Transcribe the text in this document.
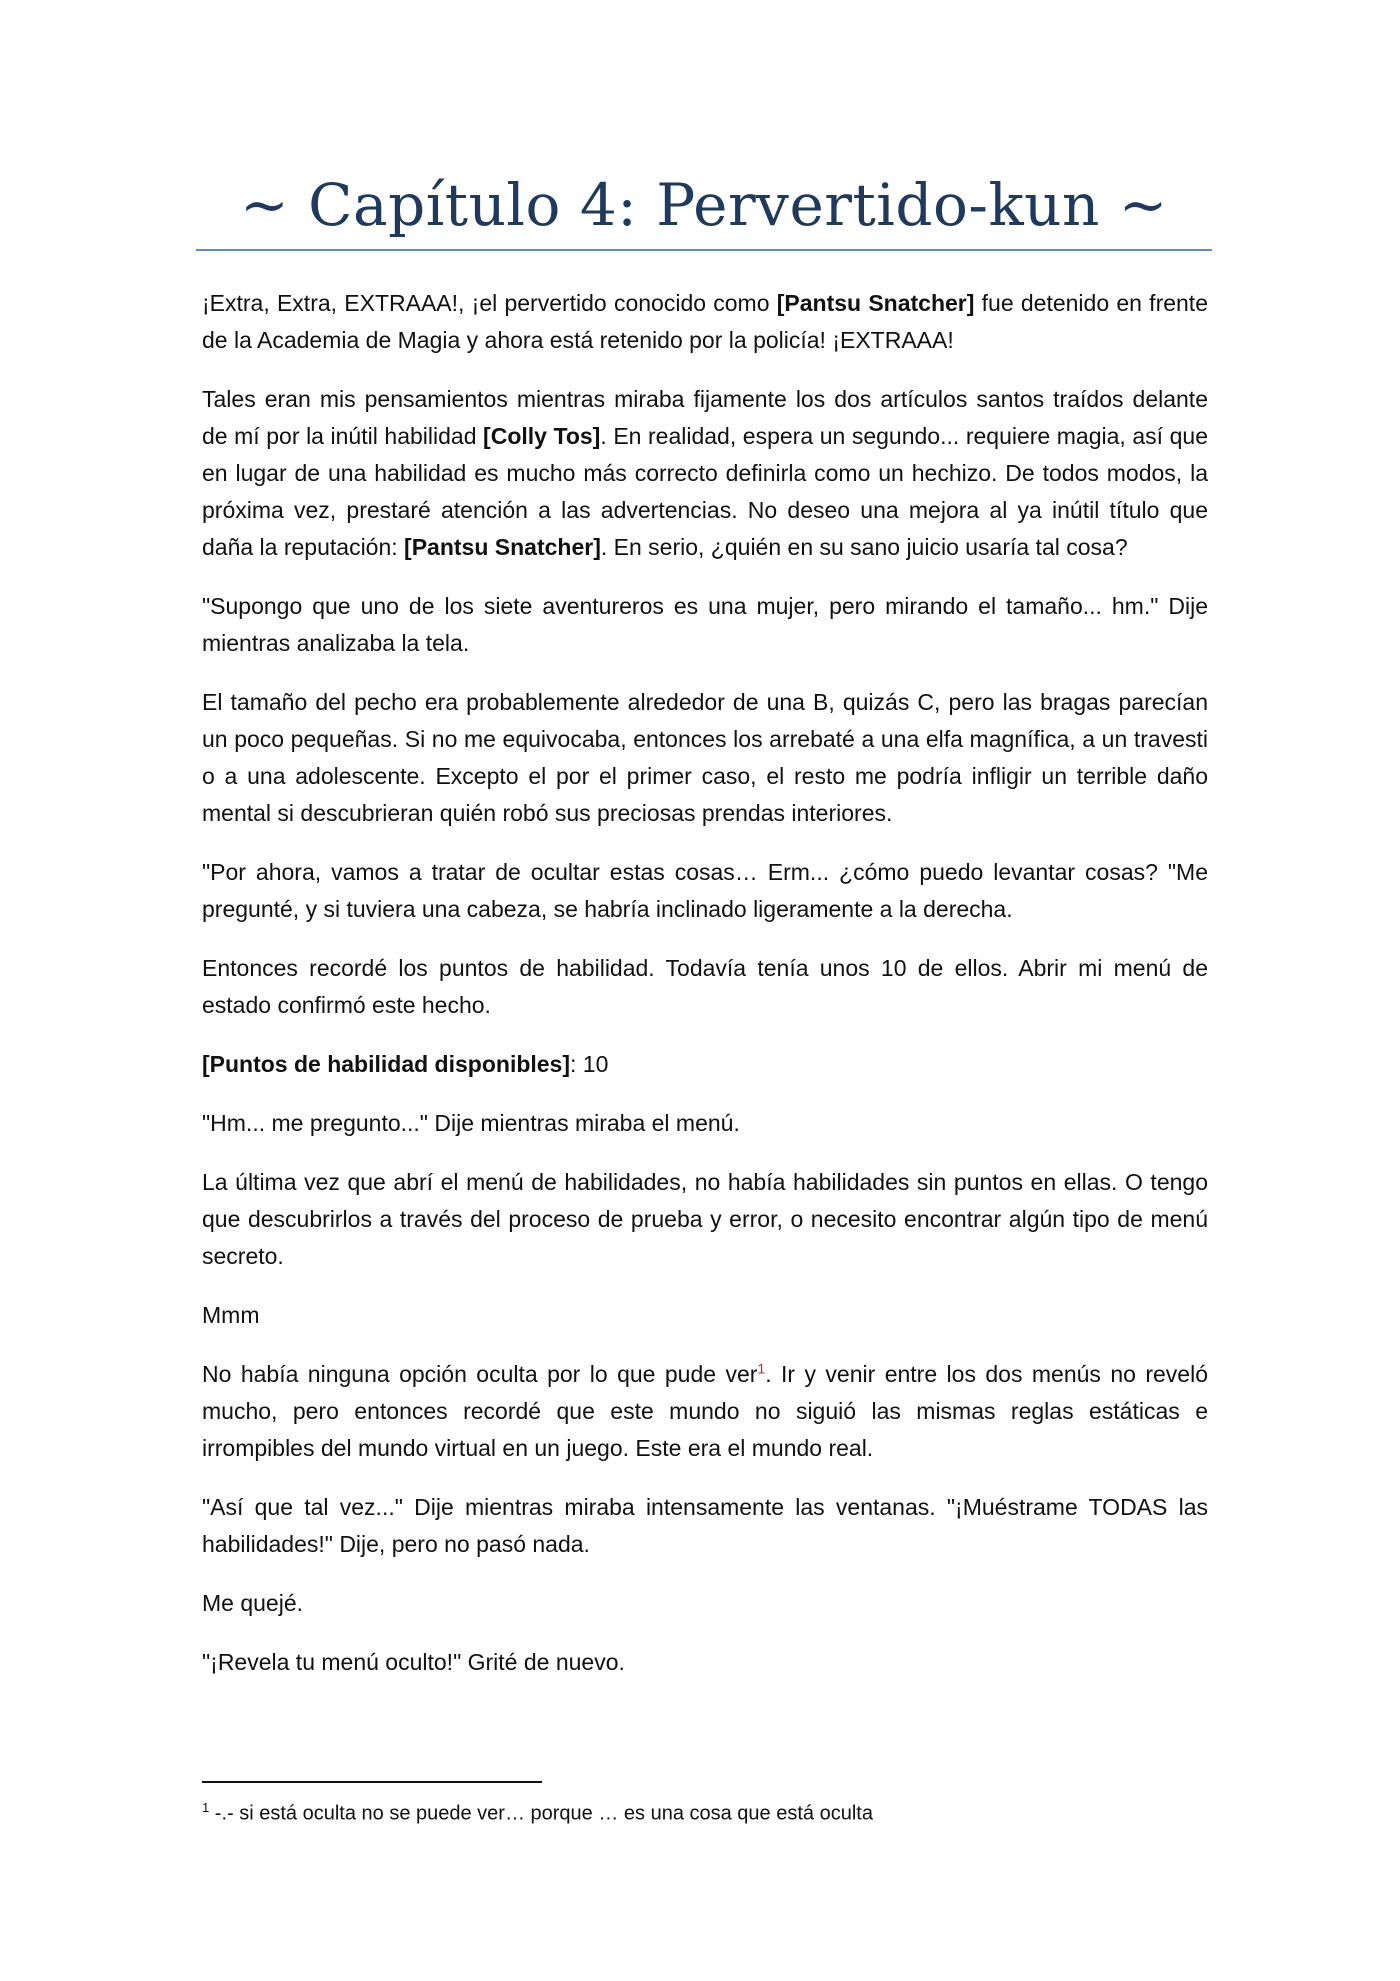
~ Capítulo 4: Pervertido-kun ~

¡Extra, Extra, EXTRAAA!, ¡el pervertido conocido como [Pantsu Snatcher] fue detenido en frente de la Academia de Magia y ahora está retenido por la policía! ¡EXTRAAA!

Tales eran mis pensamientos mientras miraba fijamente los dos artículos santos traídos delante de mí por la inútil habilidad [Colly Tos]. En realidad, espera un segundo... requiere magia, así que en lugar de una habilidad es mucho más correcto definirla como un hechizo. De todos modos, la próxima vez, prestaré atención a las advertencias. No deseo una mejora al ya inútil título que daña la reputación: [Pantsu Snatcher]. En serio, ¿quién en su sano juicio usaría tal cosa?

"Supongo que uno de los siete aventureros es una mujer, pero mirando el tamaño... hm." Dije mientras analizaba la tela.

El tamaño del pecho era probablemente alrededor de una B, quizás C, pero las bragas parecían un poco pequeñas. Si no me equivocaba, entonces los arrebaté a una elfa magnífica, a un travesti o a una adolescente. Excepto el por el primer caso, el resto me podría infligir un terrible daño mental si descubrieran quién robó sus preciosas prendas interiores.

"Por ahora, vamos a tratar de ocultar estas cosas… Erm... ¿cómo puedo levantar cosas? "Me pregunté, y si tuviera una cabeza, se habría inclinado ligeramente a la derecha.

Entonces recordé los puntos de habilidad. Todavía tenía unos 10 de ellos. Abrir mi menú de estado confirmó este hecho.

[Puntos de habilidad disponibles]: 10

"Hm... me pregunto..." Dije mientras miraba el menú.

La última vez que abrí el menú de habilidades, no había habilidades sin puntos en ellas. O tengo que descubrirlos a través del proceso de prueba y error, o necesito encontrar algún tipo de menú secreto.

Mmm

No había ninguna opción oculta por lo que pude ver$^1$. Ir y venir entre los dos menús no reveló mucho, pero entonces recordé que este mundo no siguió las mismas reglas estáticas e irrompibles del mundo virtual en un juego. Este era el mundo real.

"Así que tal vez..." Dije mientras miraba intensamente las ventanas. "¡Muéstrame TODAS las habilidades!" Dije, pero no pasó nada.

Me quejé.

"¡Revela tu menú oculto!" Grité de nuevo.

$^1$ -.- si está oculta no se puede ver… porque … es una cosa que está oculta
